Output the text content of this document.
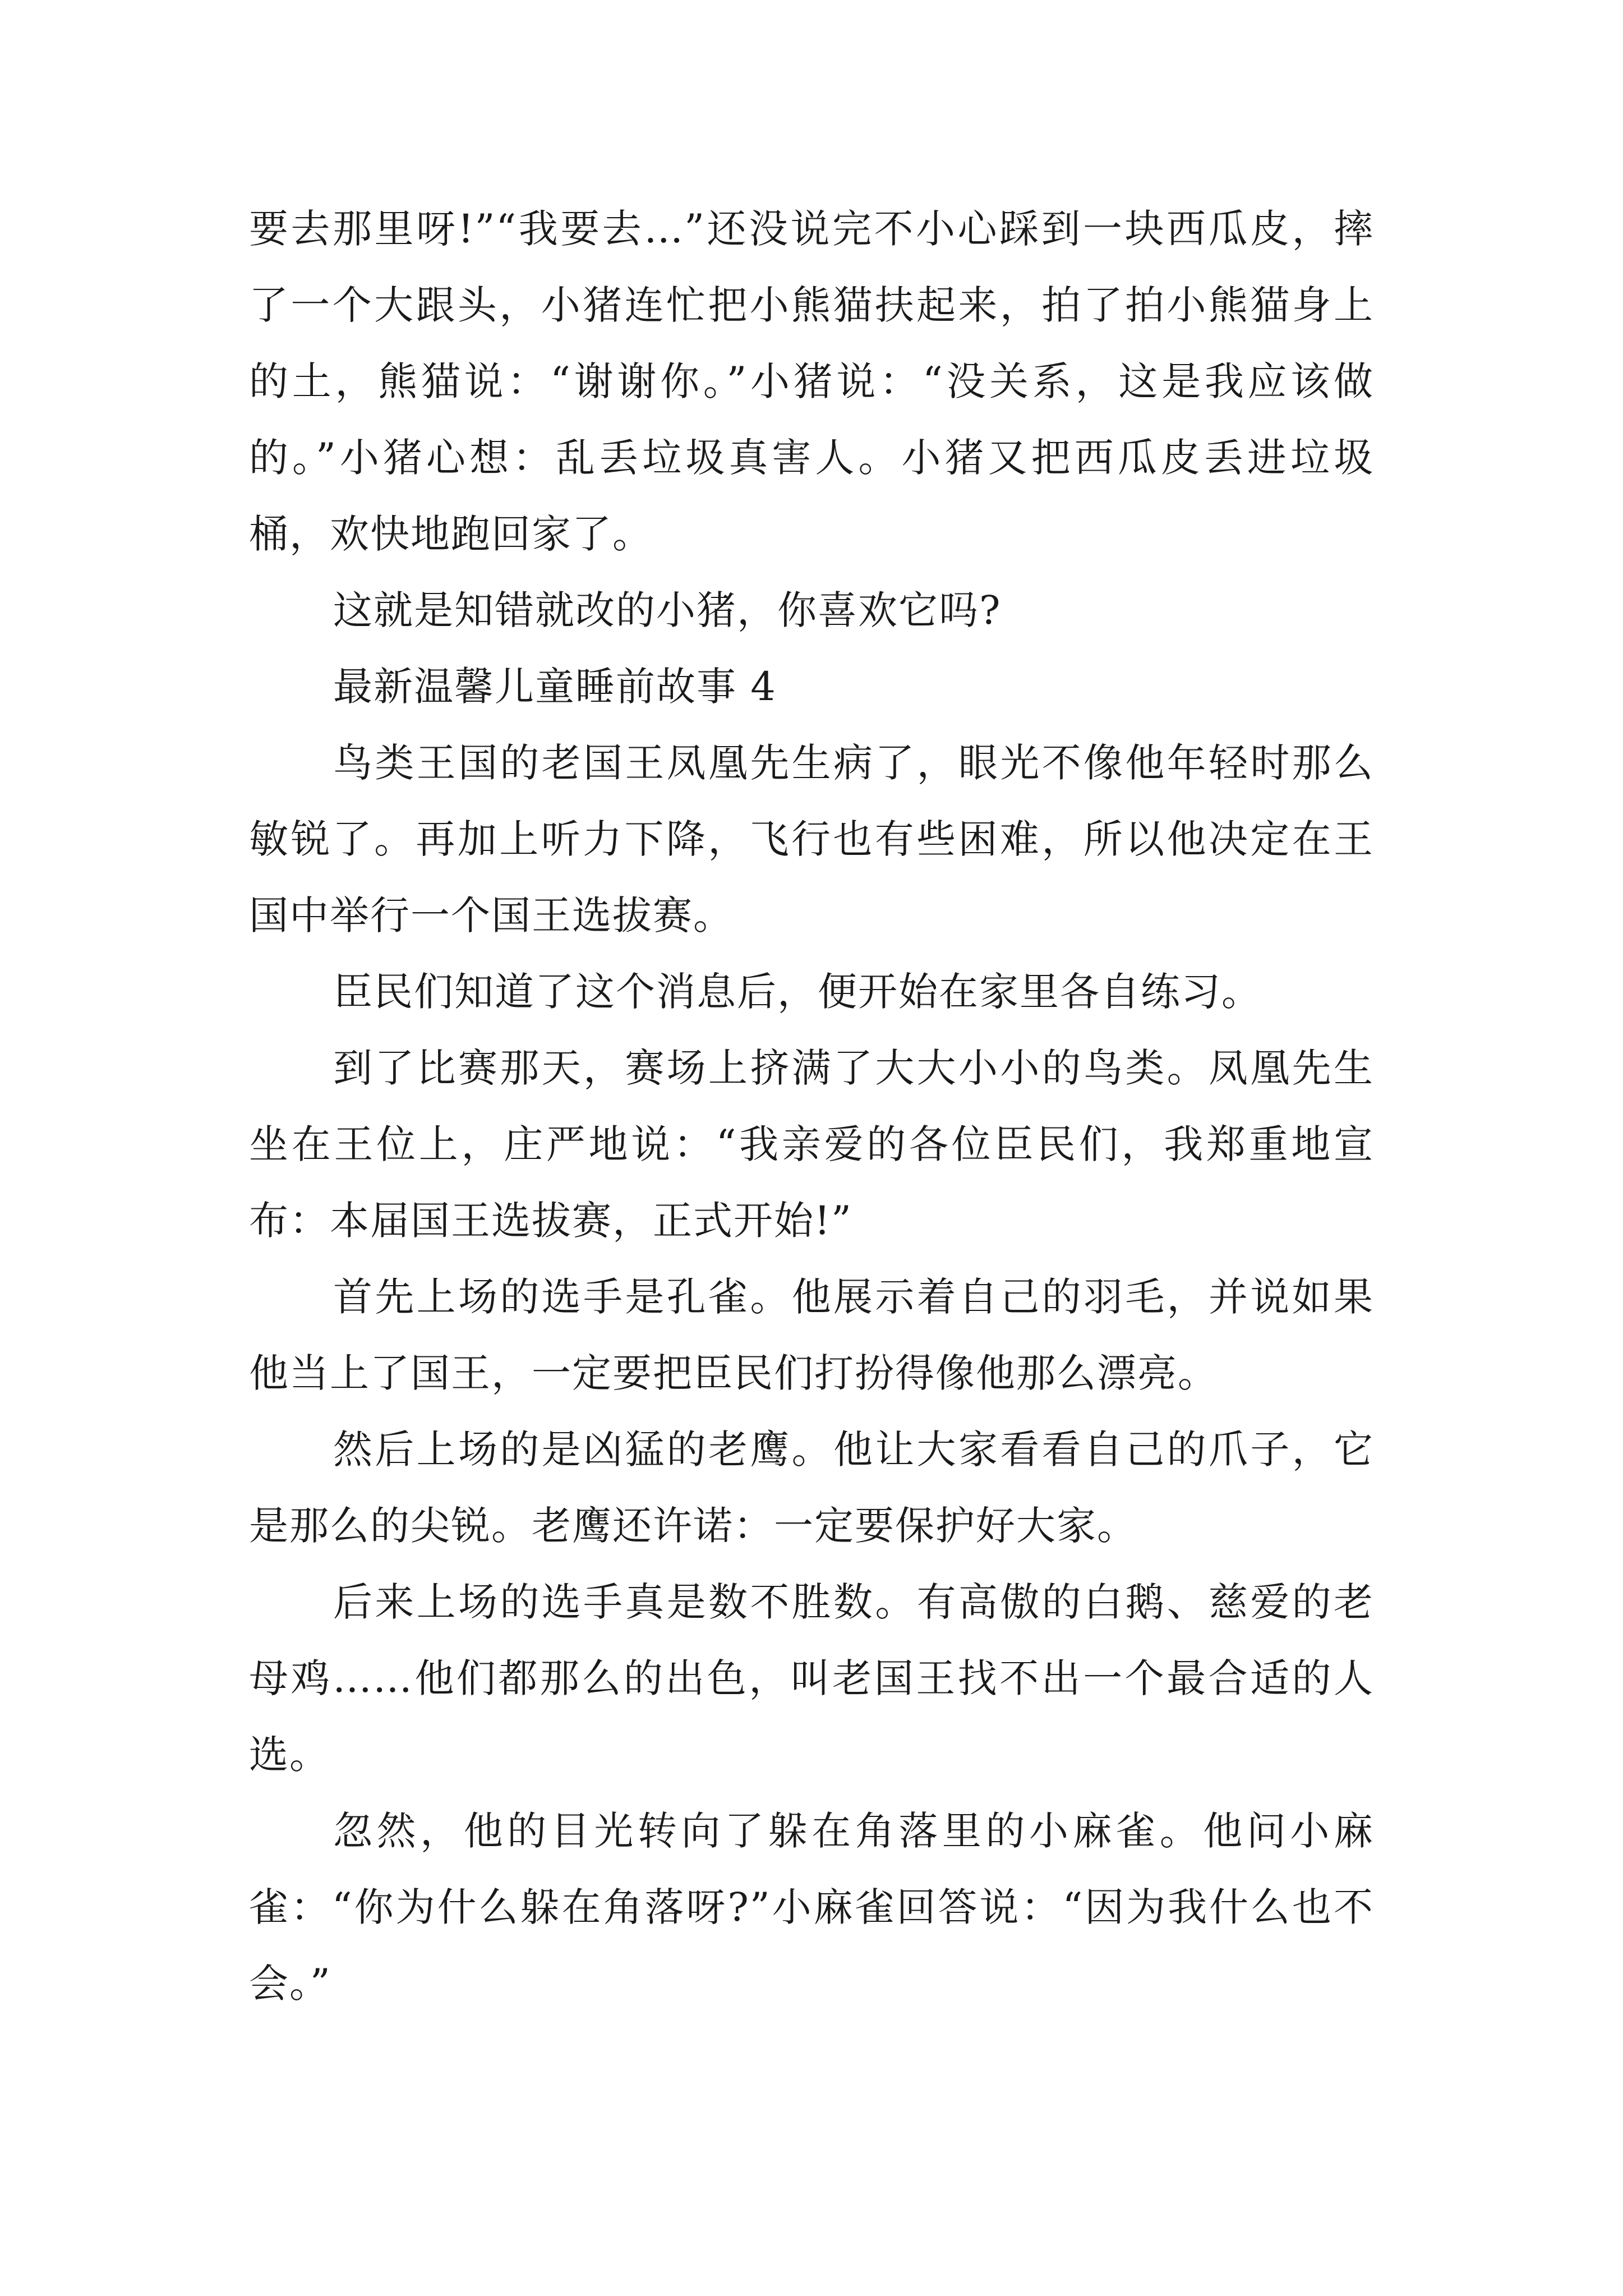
要去那里呀!”“我要去…”还没说完不小心踩到一块西瓜皮，摔了一个大跟头，小猪连忙把小熊猫扶起来，拍了拍小熊猫身上的土，熊猫说：“谢谢你。”小猪说：“没关系，这是我应该做的。”小猪心想：乱丢垃圾真害人。小猪又把西瓜皮丢进垃圾桶，欢快地跑回家了。

这就是知错就改的小猪，你喜欢它吗?

最新温馨儿童睡前故事 4

鸟类王国的老国王凤凰先生病了，眼光不像他年轻时那么敏锐了。再加上听力下降，飞行也有些困难，所以他决定在王国中举行一个国王选拔赛。

臣民们知道了这个消息后，便开始在家里各自练习。

到了比赛那天，赛场上挤满了大大小小的鸟类。凤凰先生坐在王位上，庄严地说：“我亲爱的各位臣民们，我郑重地宣布：本届国王选拔赛，正式开始!”

首先上场的选手是孔雀。他展示着自己的羽毛，并说如果他当上了国王，一定要把臣民们打扮得像他那么漂亮。

然后上场的是凶猛的老鹰。他让大家看看自己的爪子，它是那么的尖锐。老鹰还许诺：一定要保护好大家。

后来上场的选手真是数不胜数。有高傲的白鹅、慈爱的老母鸡……他们都那么的出色，叫老国王找不出一个最合适的人选。

忽然，他的目光转向了躲在角落里的小麻雀。他问小麻雀：“你为什么躲在角落呀?”小麻雀回答说：“因为我什么也不会。”
